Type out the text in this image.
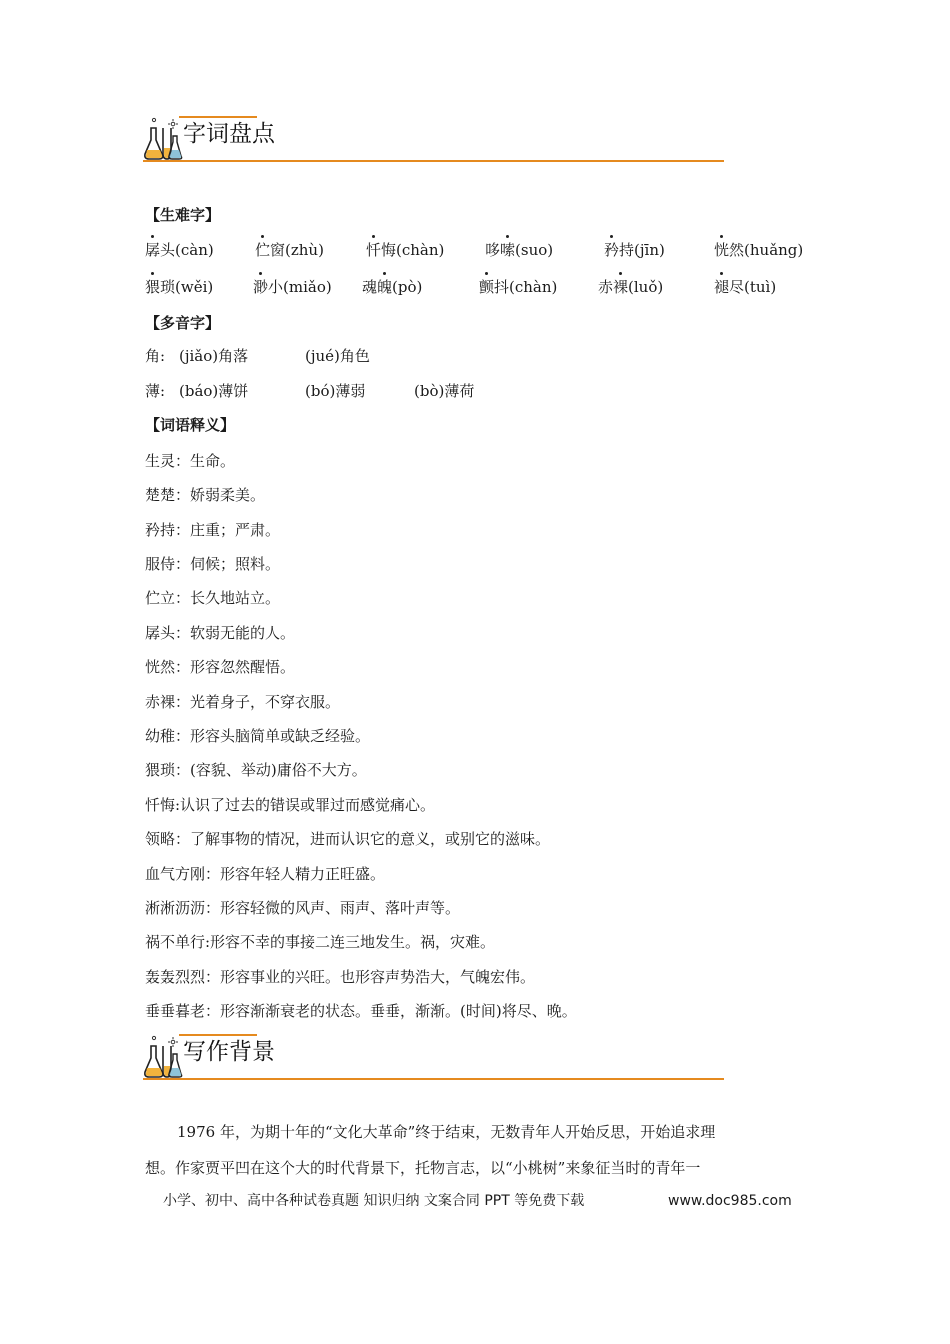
字词盘点
【生难字】
孱头(càn)	伫窗(zhù)	忏悔(chàn)	哆嗦(suo)	矜持(jīn)	恍然(huǎng)
猥琐(wěi)	渺小(miǎo) 魂魄(pò)	颤抖(chàn)	赤裸(luǒ)	褪尽(tuì)
【多音字】
角: (jiǎo)角落	(jué)角色
薄: (báo)薄饼	(bó)薄弱	(bò)薄荷
【词语释义】
生灵：生命。
楚楚：娇弱柔美。
矜持：庄重；严肃。
服侍：伺候；照料。
伫立：长久地站立。
孱头：软弱无能的人。
恍然：形容忽然醒悟。
赤裸：光着身子，不穿衣服。
幼稚：形容头脑简单或缺乏经验。
猥琐：(容貌、举动)庸俗不大方。
忏悔:认识了过去的错误或罪过而感觉痛心。
领略：了解事物的情况，进而认识它的意义，或别它的滋味。
血气方刚：形容年轻人精力正旺盛。
淅淅沥沥：形容轻微的风声、雨声、落叶声等。
祸不单行:形容不幸的事接二连三地发生。祸，灾难。
轰轰烈烈：形容事业的兴旺。也形容声势浩大，气魄宏伟。
垂垂暮老：形容渐渐衰老的状态。垂垂，渐渐。(时间)将尽、晚。
写作背景
1976 年，为期十年的“文化大革命”终于结束，无数青年人开始反思，开始追求理
想。作家贾平凹在这个大的时代背景下，托物言志，以“小桃树”来象征当时的青年一
小学、初中、高中各种试卷真题 知识归纳 文案合同 PPT 等免费下载	www.doc985.com
